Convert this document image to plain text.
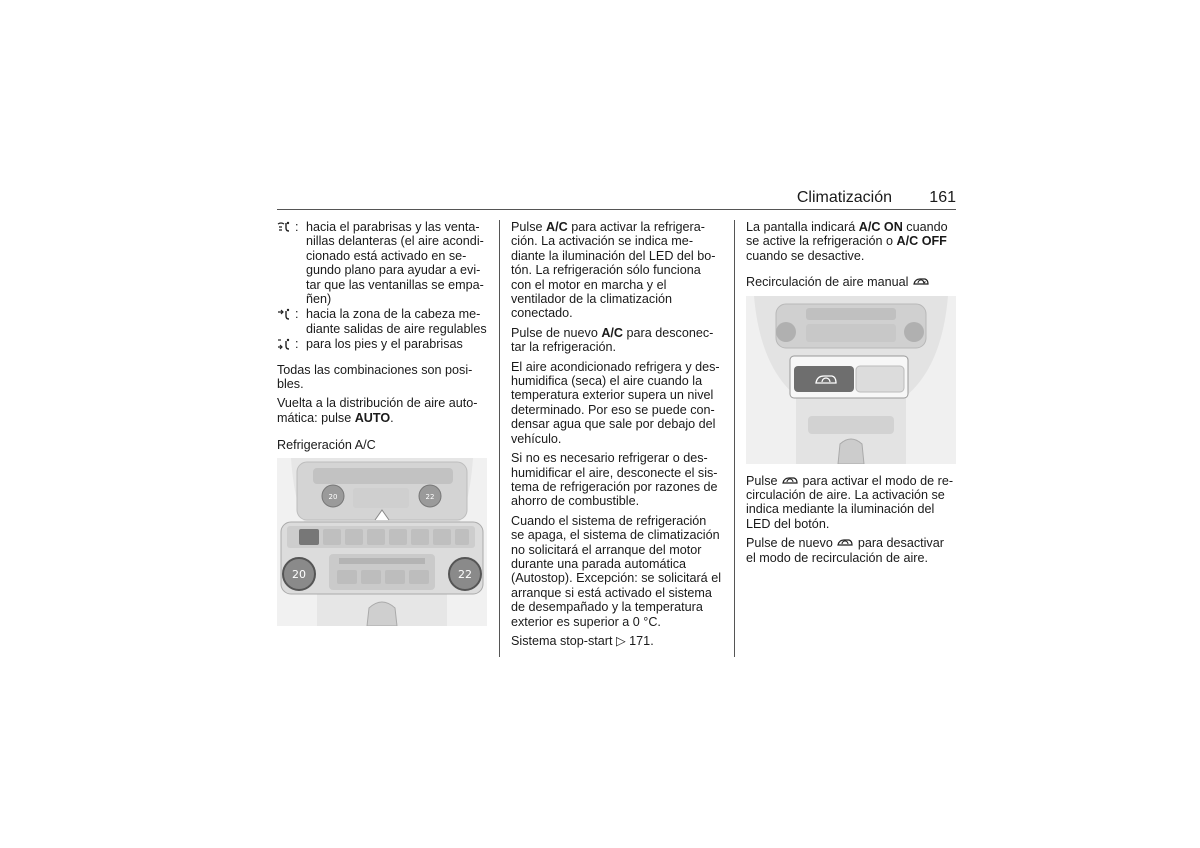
Climatización 161
: hacia el parabrisas y las ventanillas delanteras (el aire acondicionado está activado en segundo plano para ayudar a evitar que las ventanillas se empañen)
: hacia la zona de la cabeza mediante salidas de aire regulables
: para los pies y el parabrisas

Todas las combinaciones son posibles.

Vuelta a la distribución de aire automática: pulse AUTO.

Refrigeración A/C

20	22
20	22

Pulse A/C para activar la refrigeración. La activación se indica mediante la iluminación del LED del botón. La refrigeración sólo funciona con el motor en marcha y el ventilador de la climatización conectado.

Pulse de nuevo A/C para desconectar la refrigeración.

El aire acondicionado refrigera y deshumidifica (seca) el aire cuando la temperatura exterior supera un nivel determinado. Por eso se puede condensar agua que sale por debajo del vehículo.

Si no es necesario refrigerar o deshumidificar el aire, desconecte el sistema de refrigeración por razones de ahorro de combustible.

Cuando el sistema de refrigeración se apaga, el sistema de climatización no solicitará el arranque del motor durante una parada automática (Autostop). Excepción: se solicitará el arranque si está activado el sistema de desempañado y la temperatura exterior es superior a 0 °C.

Sistema stop-start ▷ 171.

La pantalla indicará A/C ON cuando se active la refrigeración o A/C OFF cuando se desactive.

Recirculación de aire manual

Pulse  para activar el modo de recirculación de aire. La activación se indica mediante la iluminación del LED del botón.

Pulse de nuevo  para desactivar el modo de recirculación de aire.
